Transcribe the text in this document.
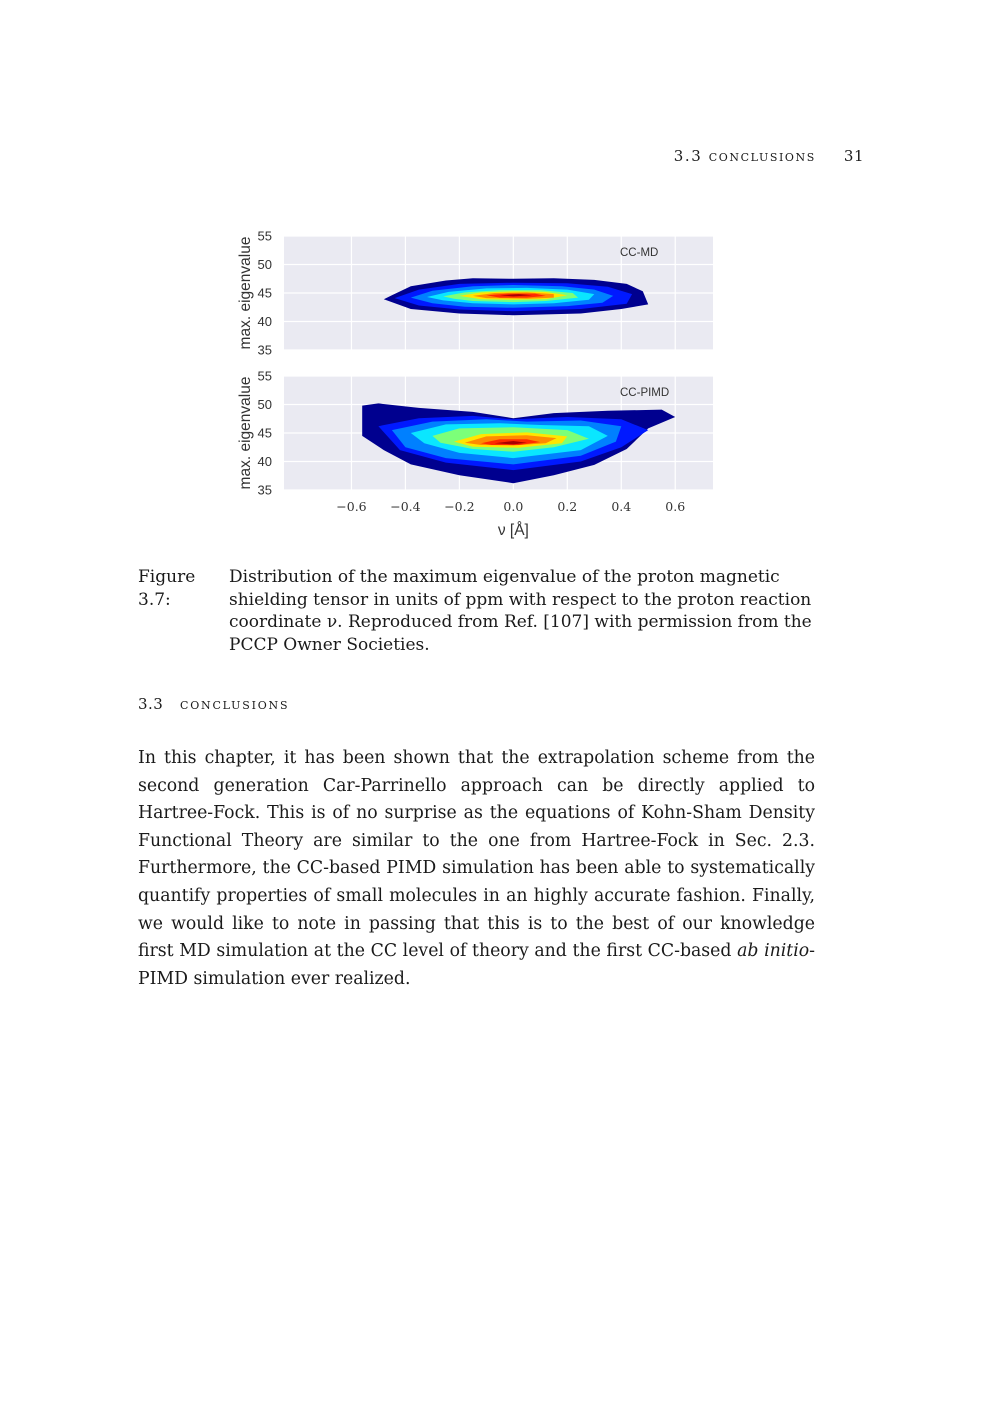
3.3 conclusions 31
35
40
45
50
55
max. eigenvalue	CC-MD
35
40
45
50
55
max. eigenvalue	CC-PIMD
−0.6 −0.4 −0.2 0.0	0.2	0.4	0.6
ν [Å]
Figure 3.7:
Distribution of the maximum eigenvalue of the proton magnetic shielding tensor in units of ppm with respect to the proton reaction coordinate ν. Reproduced from Ref. [107] with permission from the PCCP Owner Societies.
3.3 conclusions

In this chapter, it has been shown that the extrapolation scheme from the second generation Car-Parrinello approach can be directly applied to Hartree-Fock. This is of no surprise as the equations of Kohn-Sham Density Functional Theory are similar to the one from Hartree-Fock in Sec. 2.3. Furthermore, the CC-based PIMD simulation has been able to systematically quantify properties of small molecules in an highly accurate fashion. Finally, we would like to note in passing that this is to the best of our knowledge first MD simulation at the CC level of theory and the first CC-based ab initio-PIMD simulation ever realized.
